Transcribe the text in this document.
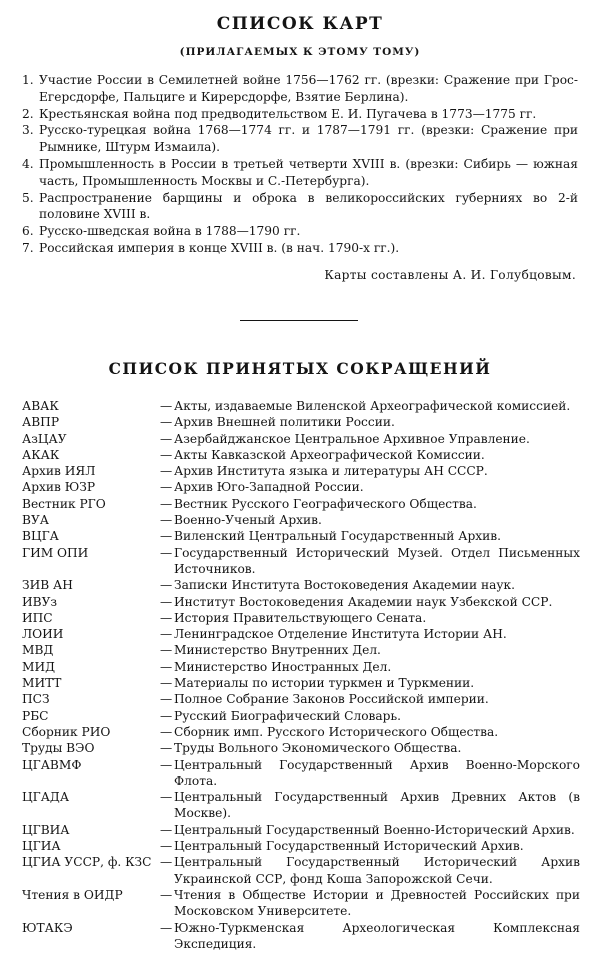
СПИСОК КАРТ
(ПРИЛАГАЕМЫХ К ЭТОМУ ТОМУ)
1. Участие России в Семилетней войне 1756—1762 гг. (врезки: Сражение при Грос-Егерсдорфе, Пальциге и Кирерсдорфе, Взятие Берлина).
2. Крестьянская война под предводительством Е. И. Пугачева в 1773—1775 гг.
3. Русско-турецкая война 1768—1774 гг. и 1787—1791 гг. (врезки: Сражение при Рымнике, Штурм Измаила).
4. Промышленность в России в третьей четверти XVIII в. (врезки: Сибирь — южная часть, Промышленность Москвы и С.-Петербурга).
5. Распространение барщины и оброка в великороссийских губерниях во 2-й половине XVIII в.
6. Русско-шведская война в 1788—1790 гг.
7. Российская империя в конце XVIII в. (в нач. 1790-х гг.).
Карты составлены А. И. Голубцовым.
СПИСОК ПРИНЯТЫХ СОКРАЩЕНИЙ
АВАК	— Акты, издаваемые Виленской Археографической комиссией.
АВПР	— Архив Внешней политики России.
АзЦАУ	— Азербайджанское Центральное Архивное Управление.
АКАК	— Акты Кавказской Археографической Комиссии.
Архив ИЯЛ	— Архив Института языка и литературы АН СССР.
Архив ЮЗР	— Архив Юго-Западной России.
Вестник РГО	— Вестник Русского Географического Общества.
ВУА	— Военно-Ученый Архив.
ВЦГА	— Виленский Центральный Государственный Архив.
ГИМ ОПИ	— Государственный Исторический Музей. Отдел Письменных Источников.
ЗИВ АН	— Записки Института Востоковедения Академии наук.
ИВУз	— Институт Востоковедения Академии наук Узбекской ССР.
ИПС	— История Правительствующего Сената.
ЛОИИ	— Ленинградское Отделение Института Истории АН.
МВД	— Министерство Внутренних Дел.
МИД	— Министерство Иностранных Дел.
МИТТ	— Материалы по истории туркмен и Туркмении.
ПСЗ	— Полное Собрание Законов Российской империи.
РБС	— Русский Биографический Словарь.
Сборник РИО	— Сборник имп. Русского Исторического Общества.
Труды ВЭО	— Труды Вольного Экономического Общества.
ЦГАВМФ	— Центральный Государственный Архив Военно-Морского Флота.
ЦГАДА	— Центральный Государственный Архив Древних Актов (в Москве).
ЦГВИА	— Центральный Государственный Военно-Исторический Архив.
ЦГИА	— Центральный Государственный Исторический Архив.
ЦГИА УССР, ф. КЗС — Центральный Государственный Исторический Архив Украинской ССР, фонд Коша Запорожской Сечи.
Чтения в ОИДР	— Чтения в Обществе Истории и Древностей Российских при Московском Университете.
ЮТАКЭ	— Южно-Туркменская Археологическая Комплексная Экспедиция.
